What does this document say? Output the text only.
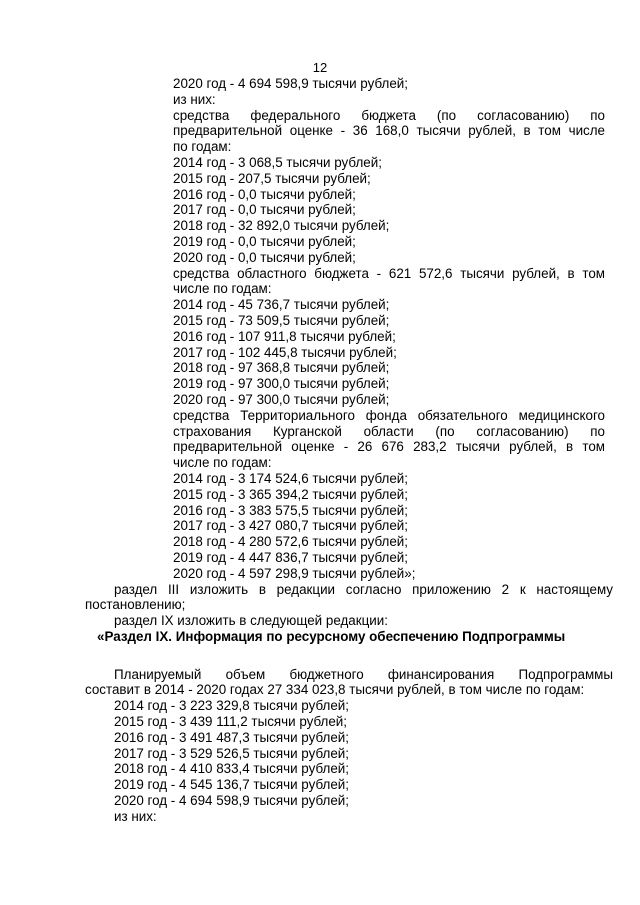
12
2020 год - 4 694 598,9 тысячи рублей;
из них:
средства федерального бюджета (по согласованию) по
предварительной оценке - 36 168,0 тысячи рублей, в том числе
по годам:
2014 год - 3 068,5 тысячи рублей;
2015 год - 207,5 тысячи рублей;
2016 год - 0,0 тысячи рублей;
2017 год - 0,0 тысячи рублей;
2018 год - 32 892,0 тысячи рублей;
2019 год - 0,0 тысячи рублей;
2020 год - 0,0 тысячи рублей;
средства областного бюджета - 621 572,6 тысячи рублей, в том
числе по годам:
2014 год - 45 736,7 тысячи рублей;
2015 год - 73 509,5 тысячи рублей;
2016 год - 107 911,8 тысячи рублей;
2017 год - 102 445,8 тысячи рублей;
2018 год - 97 368,8 тысячи рублей;
2019 год - 97 300,0 тысячи рублей;
2020 год - 97 300,0 тысячи рублей;
средства Территориального фонда обязательного медицинского
страхования Курганской области (по согласованию) по
предварительной оценке - 26 676 283,2 тысячи рублей, в том
числе по годам:
2014 год - 3 174 524,6 тысячи рублей;
2015 год - 3 365 394,2 тысячи рублей;
2016 год - 3 383 575,5 тысячи рублей;
2017 год - 3 427 080,7 тысячи рублей;
2018 год - 4 280 572,6 тысячи рублей;
2019 год - 4 447 836,7 тысячи рублей;
2020 год - 4 597 298,9 тысячи рублей»;
раздел III изложить в редакции согласно приложению 2 к настоящему
постановлению;
раздел IX изложить в следующей редакции:
«Раздел IX. Информация по ресурсному обеспечению Подпрограммы
Планируемый объем бюджетного финансирования Подпрограммы
составит в 2014 - 2020 годах 27 334 023,8 тысячи рублей, в том числе по годам:
2014 год - 3 223 329,8 тысячи рублей;
2015 год - 3 439 111,2 тысячи рублей;
2016 год - 3 491 487,3 тысячи рублей;
2017 год - 3 529 526,5 тысячи рублей;
2018 год - 4 410 833,4 тысячи рублей;
2019 год - 4 545 136,7 тысячи рублей;
2020 год - 4 694 598,9 тысячи рублей;
из них:
